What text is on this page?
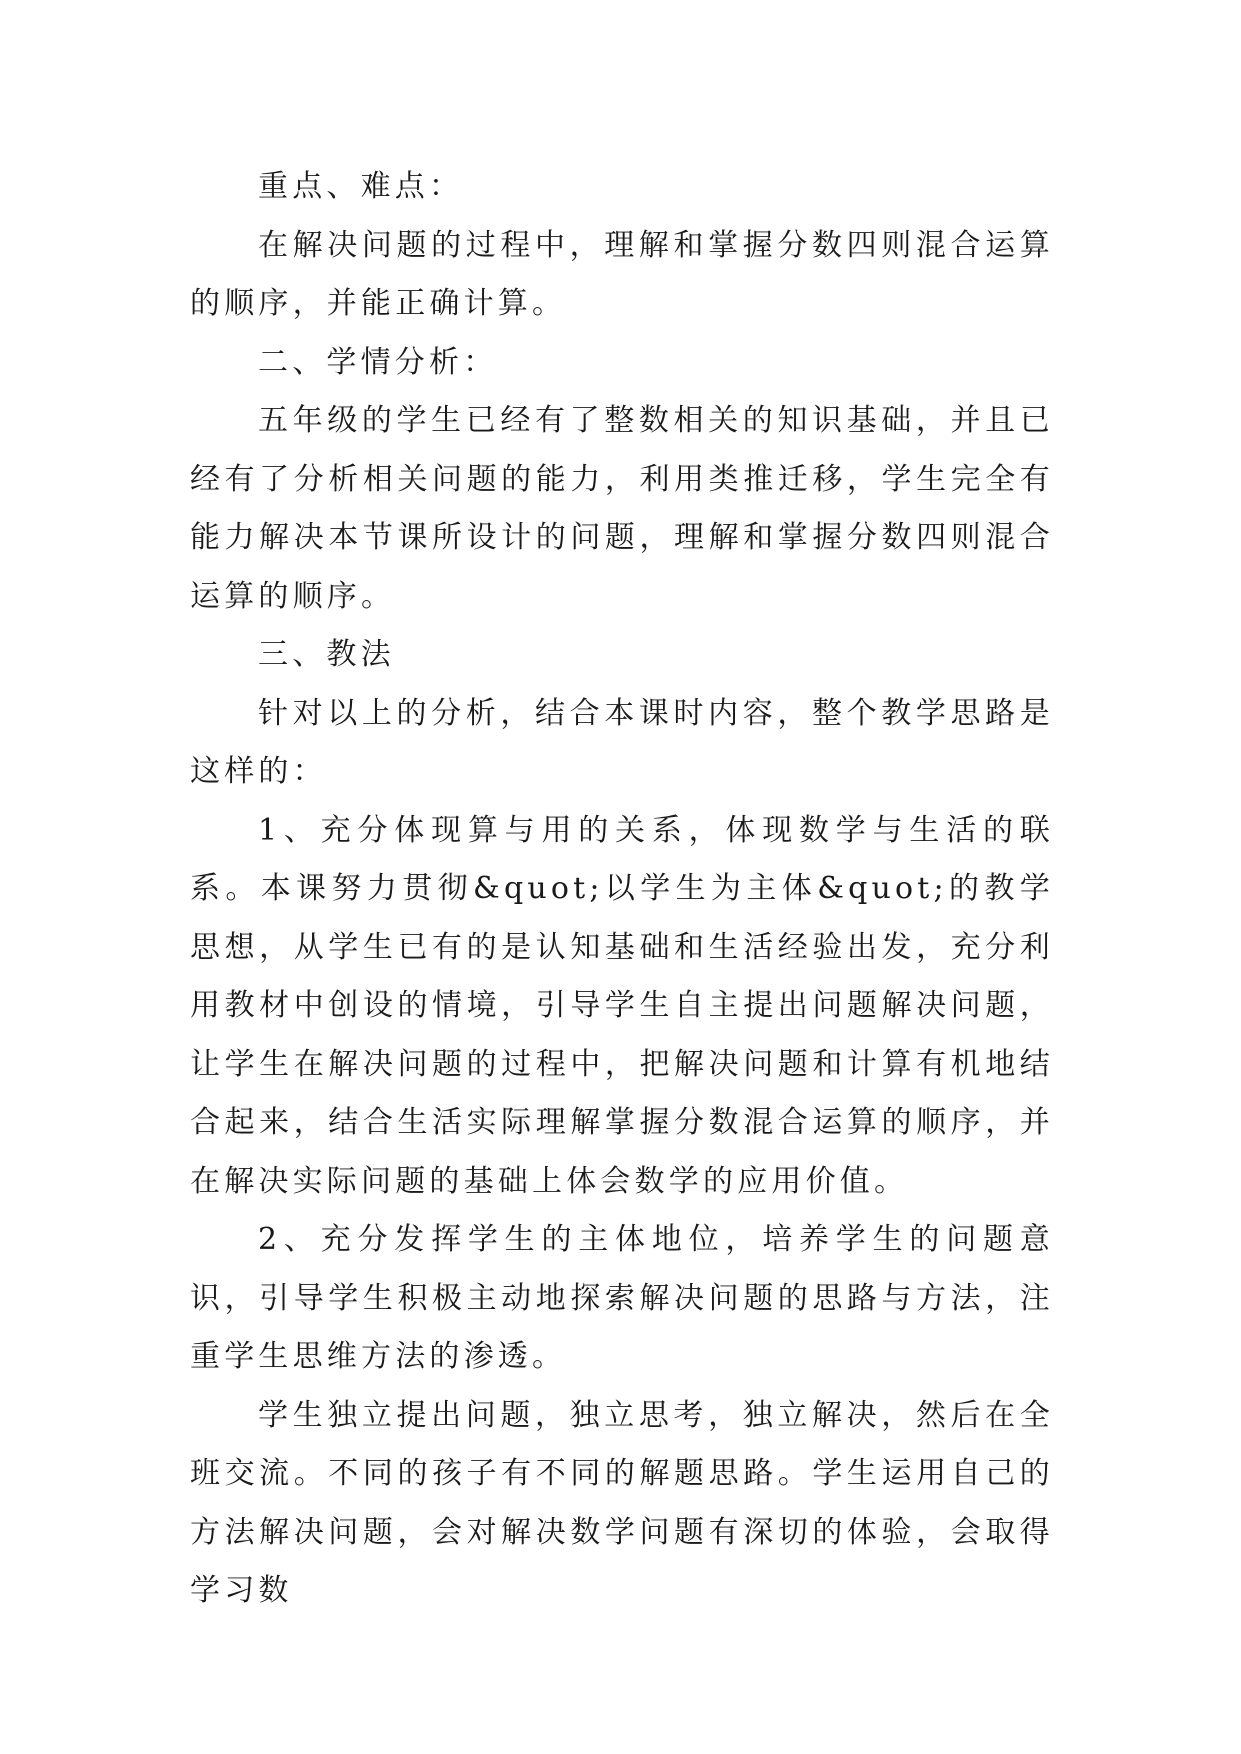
重点、难点：

在解决问题的过程中，理解和掌握分数四则混合运算的顺序，并能正确计算。

二、学情分析：

五年级的学生已经有了整数相关的知识基础，并且已经有了分析相关问题的能力，利用类推迁移，学生完全有能力解决本节课所设计的问题，理解和掌握分数四则混合运算的顺序。

三、教法

针对以上的分析，结合本课时内容，整个教学思路是这样的：

1、充分体现算与用的关系，体现数学与生活的联系。本课努力贯彻&quot;以学生为主体&quot;的教学思想，从学生已有的是认知基础和生活经验出发，充分利用教材中创设的情境，引导学生自主提出问题解决问题，让学生在解决问题的过程中，把解决问题和计算有机地结合起来，结合生活实际理解掌握分数混合运算的顺序，并在解决实际问题的基础上体会数学的应用价值。

2、充分发挥学生的主体地位，培养学生的问题意识，引导学生积极主动地探索解决问题的思路与方法，注重学生思维方法的渗透。

学生独立提出问题，独立思考，独立解决，然后在全班交流。不同的孩子有不同的解题思路。学生运用自己的方法解决问题，会对解决数学问题有深切的体验，会取得学习数
